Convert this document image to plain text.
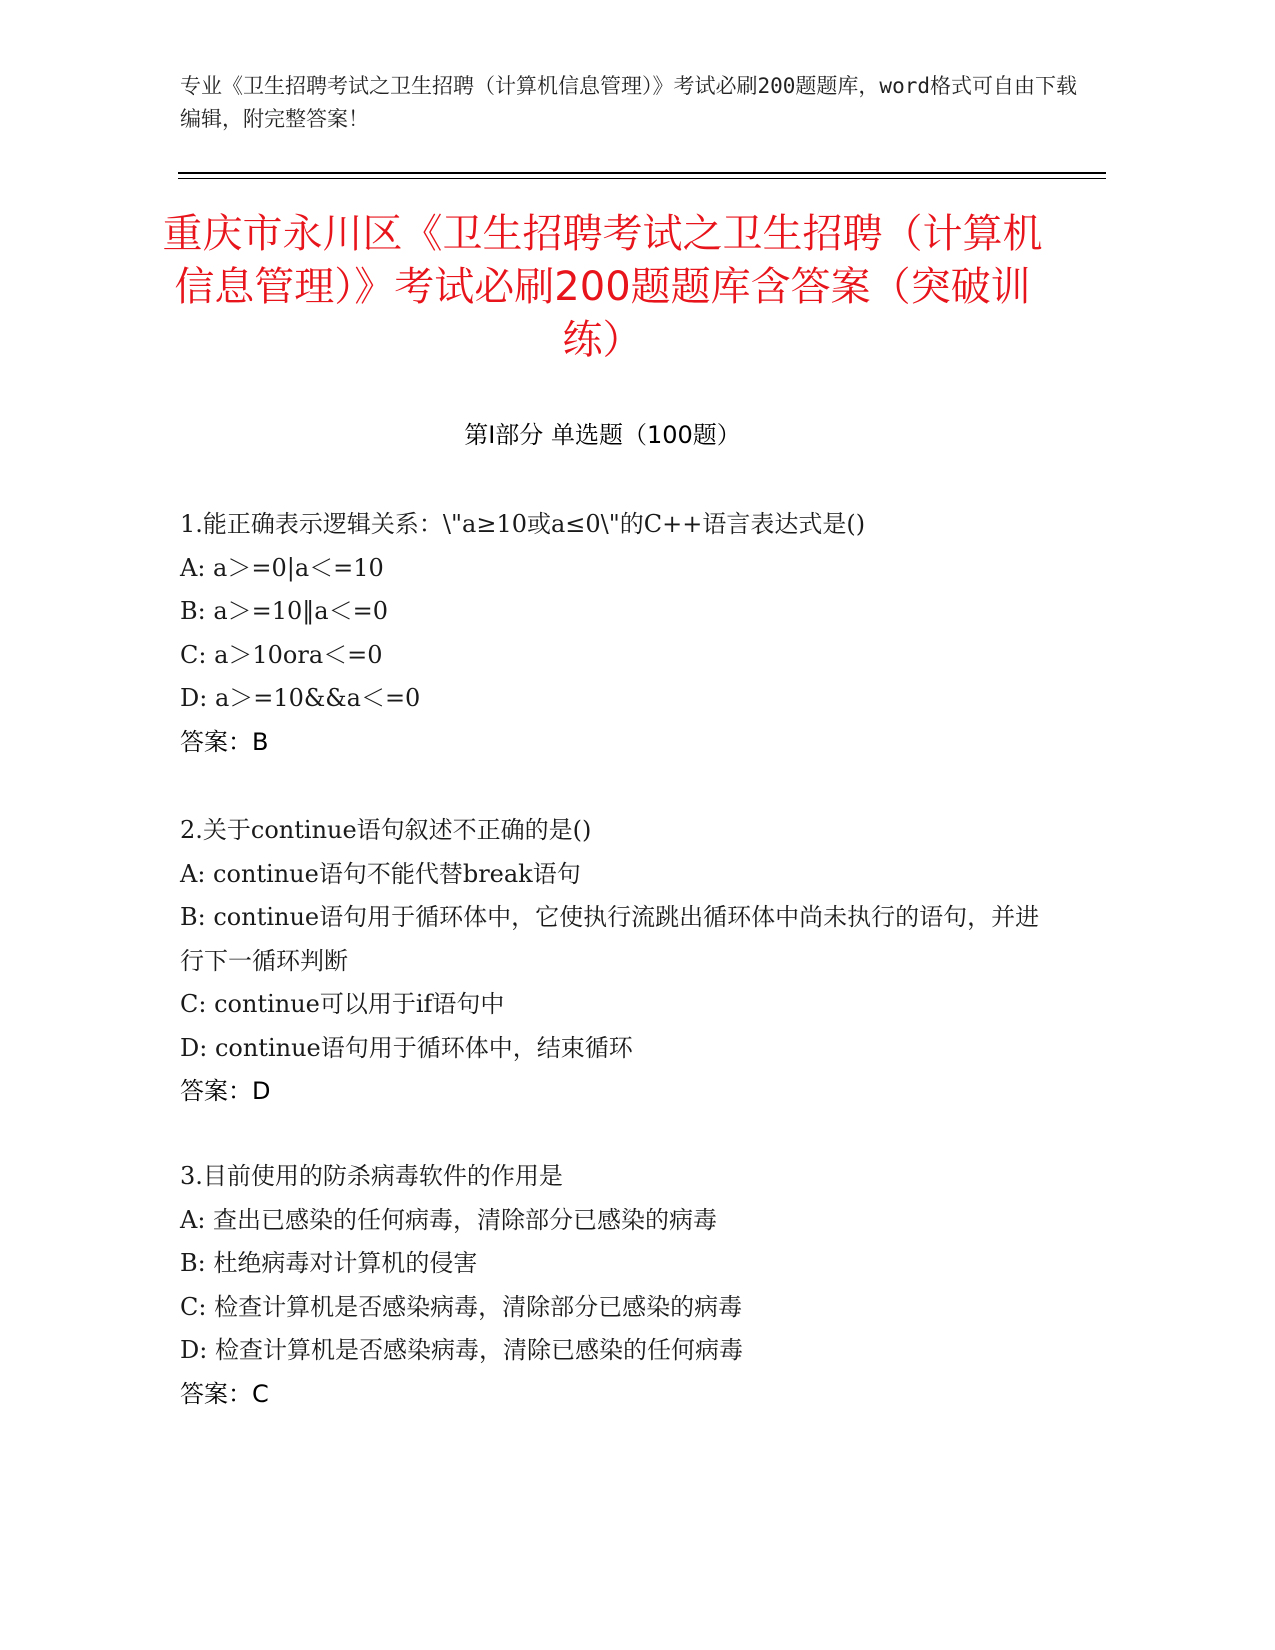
专业《卫生招聘考试之卫生招聘（计算机信息管理）》考试必刷200题题库，word格式可自由下载编辑，附完整答案！
重庆市永川区《卫生招聘考试之卫生招聘（计算机信息管理）》考试必刷200题题库含答案（突破训练）
第Ⅰ部分 单选题（100题）
1.能正确表示逻辑关系：\"a≥10或a≤0\"的C++语言表达式是()
A: a＞=0|a＜=10
B: a＞=10‖a＜=0
C: a＞10ora＜=0
D: a＞=10&&a＜=0
答案：B
2.关于continue语句叙述不正确的是()
A: continue语句不能代替break语句
B: continue语句用于循环体中，它使执行流跳出循环体中尚未执行的语句，并进行下一循环判断
C: continue可以用于if语句中
D: continue语句用于循环体中，结束循环
答案：D
3.目前使用的防杀病毒软件的作用是
A: 查出已感染的任何病毒，清除部分已感染的病毒
B: 杜绝病毒对计算机的侵害
C: 检查计算机是否感染病毒，清除部分已感染的病毒
D: 检查计算机是否感染病毒，清除已感染的任何病毒
答案：C
